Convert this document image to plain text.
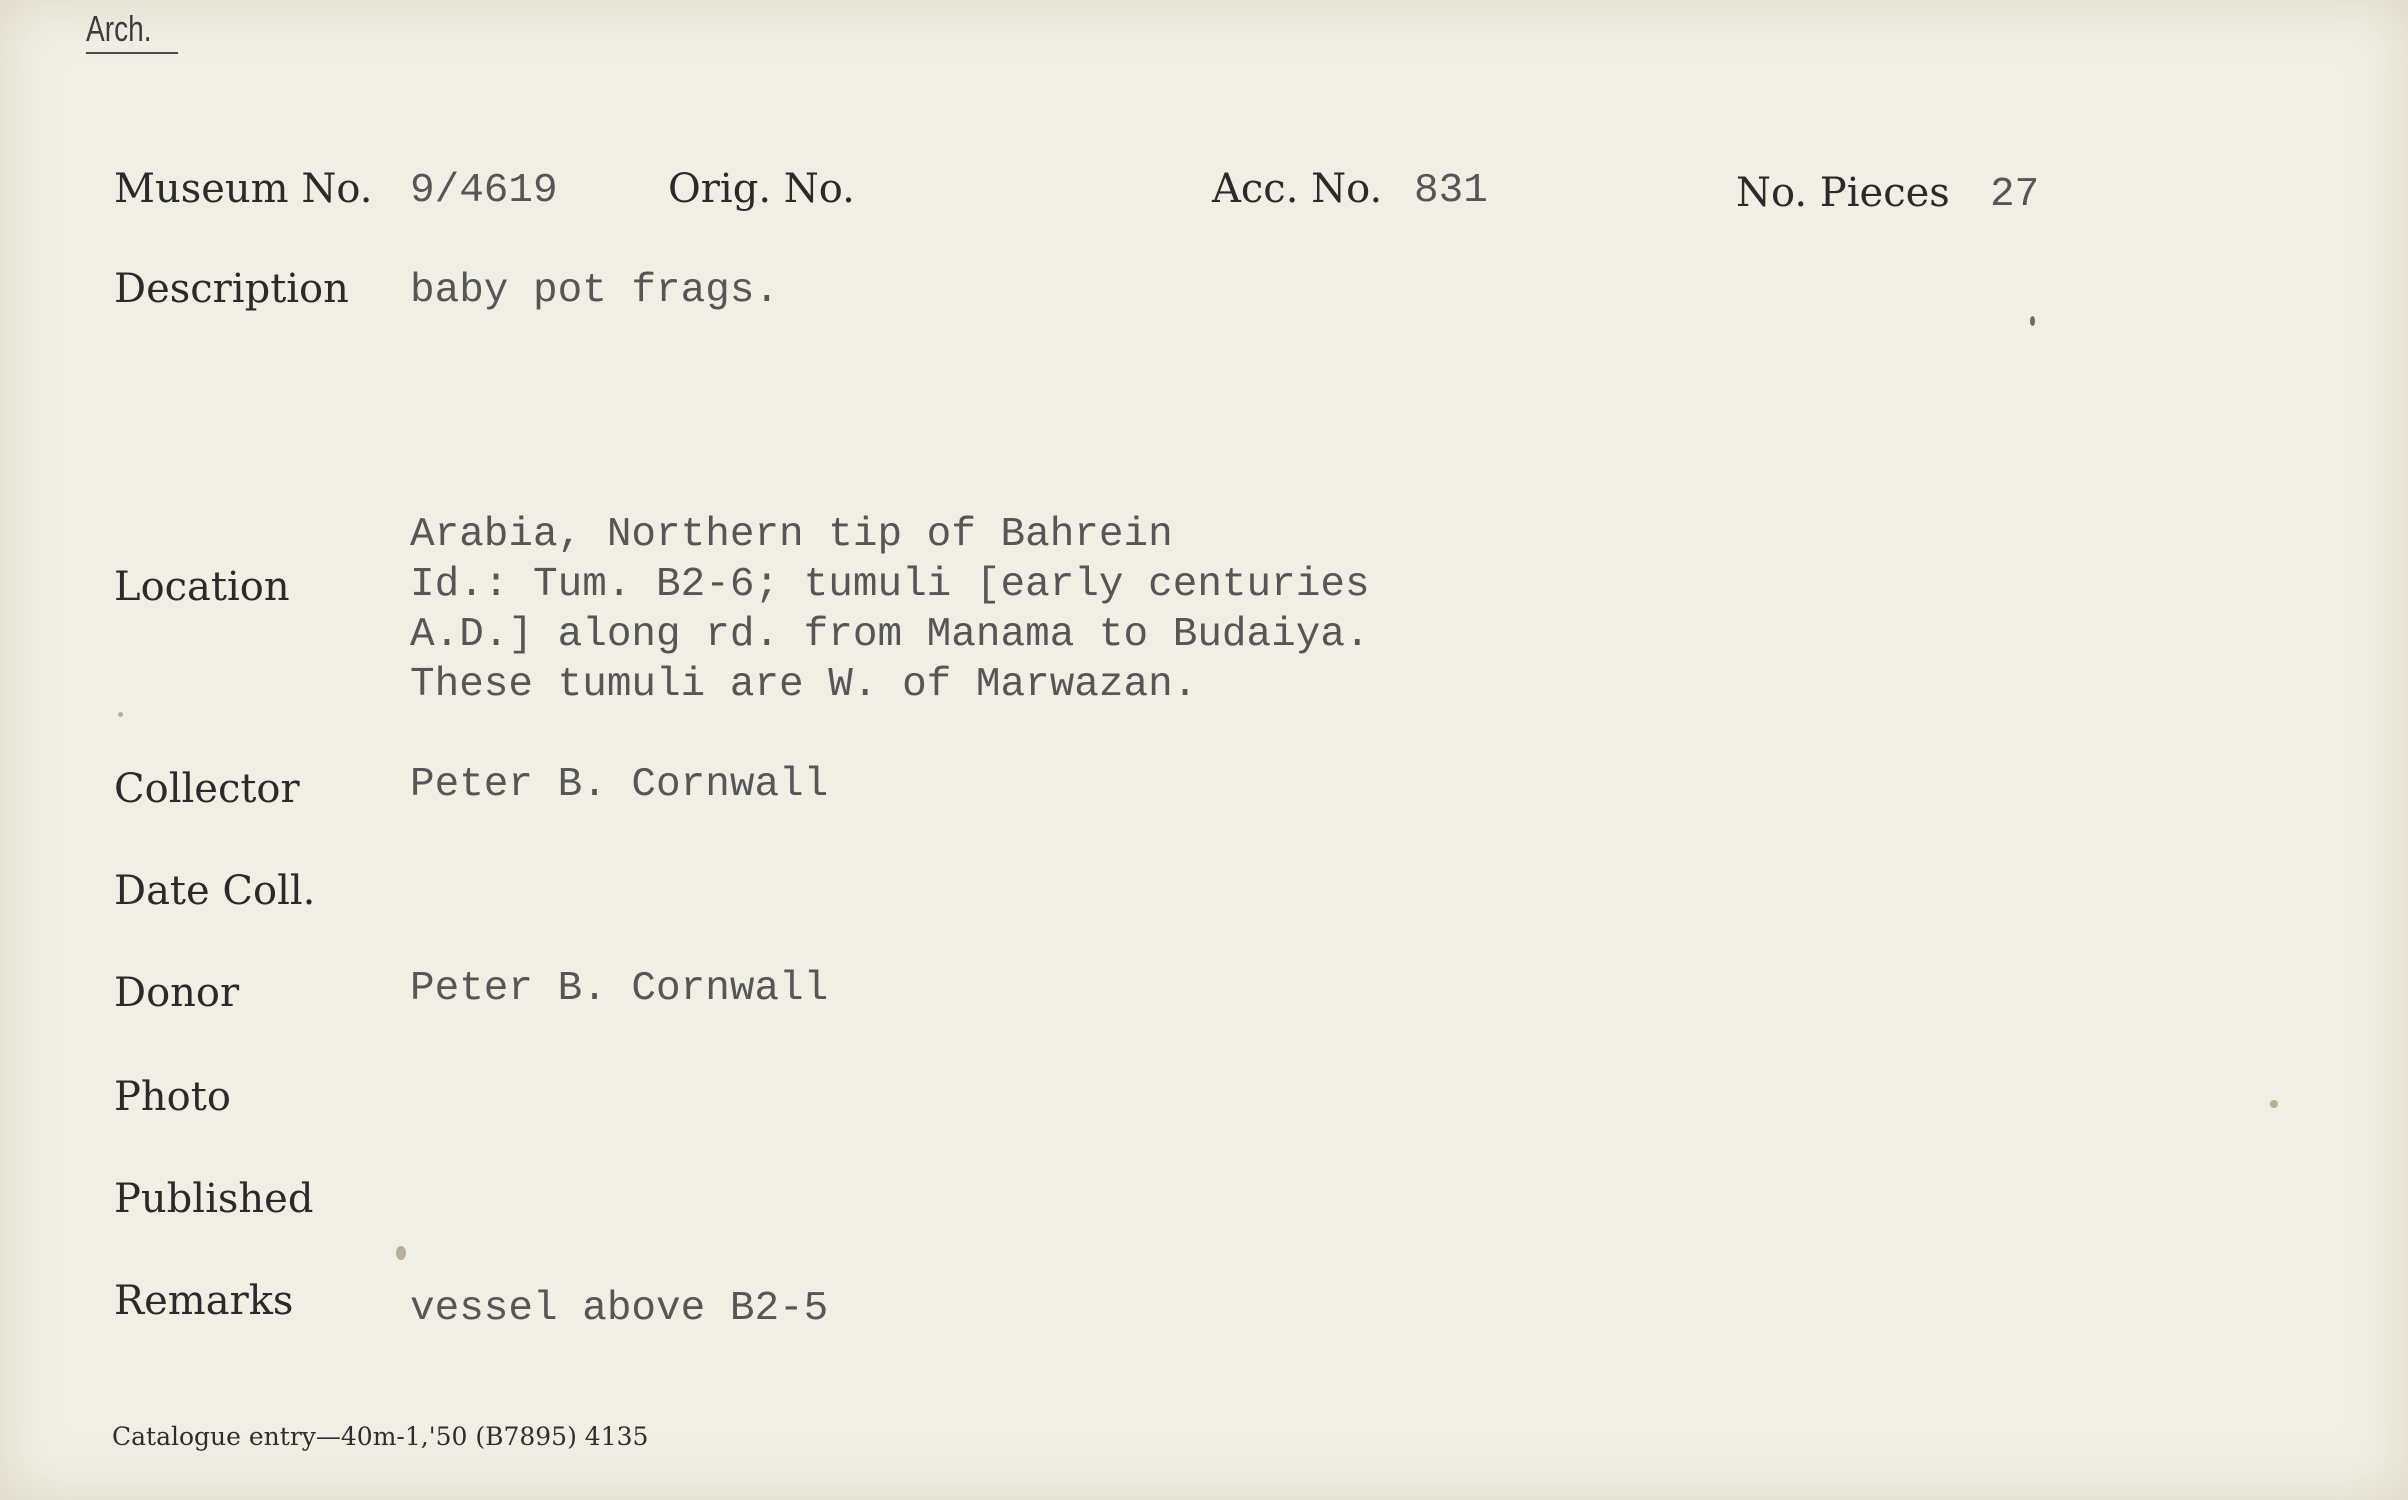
Arch.
Museum No. 9/4619	Orig. No.	Acc. No. 831	No. Pieces 27
Description baby pot frags.
Location
Arabia, Northern tip of Bahrein
Id.: Tum. B2-6; tumuli [early centuries
A.D.] along rd. from Manama to Budaiya.
These tumuli are W. of Marwazan.
Collector	Peter B. Cornwall
Date Coll.
Donor	Peter B. Cornwall
Photo
Published
Remarks	vessel above B2-5
Catalogue entry—40m-1,'50 (B7895) 4135
